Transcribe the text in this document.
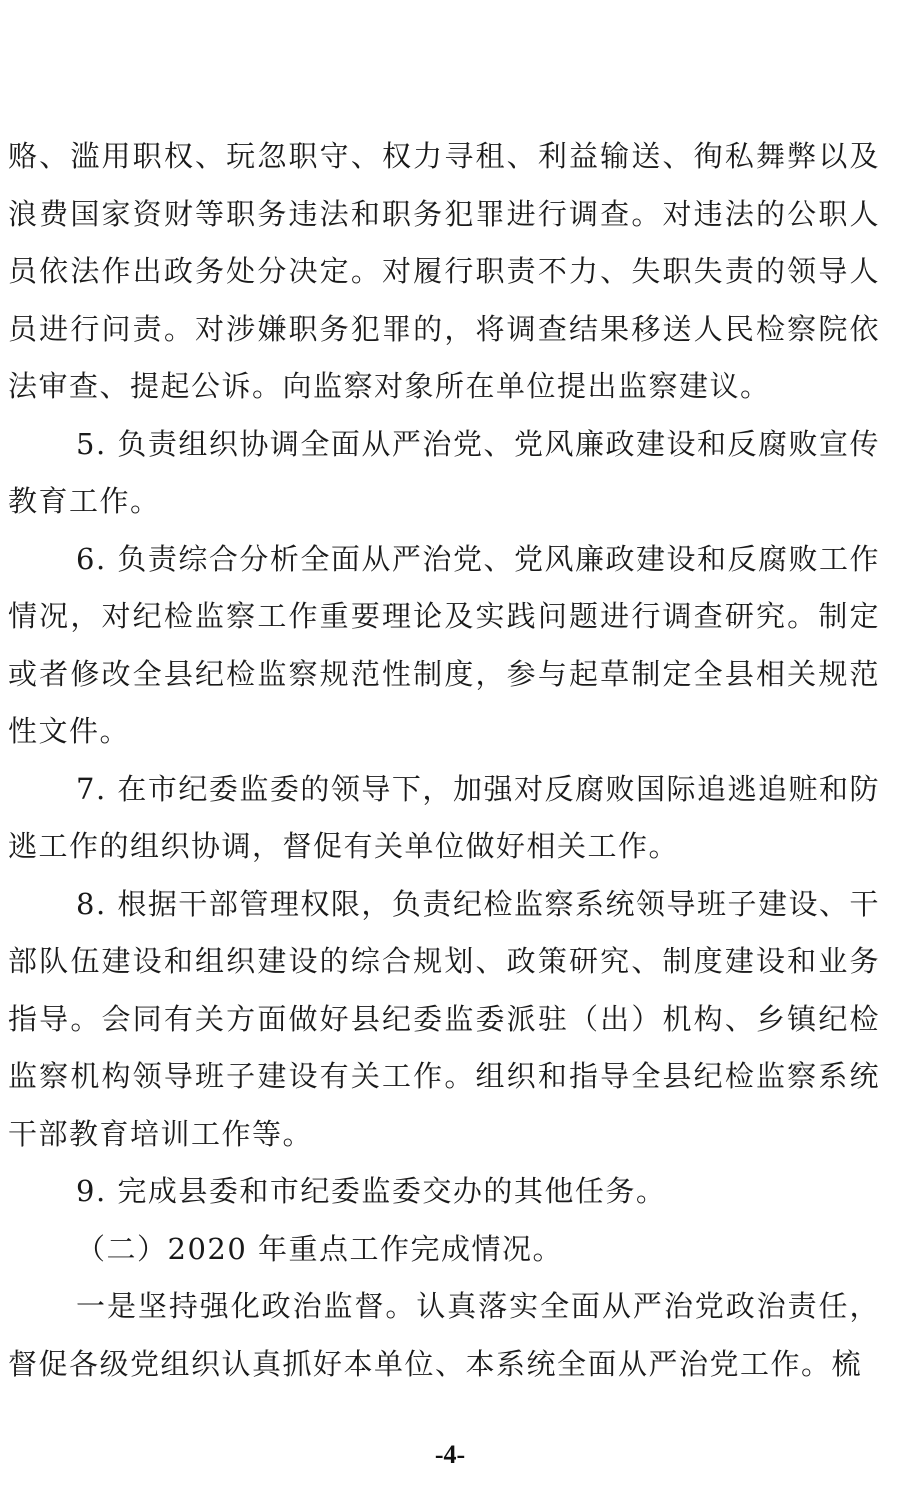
赂、滥用职权、玩忽职守、权力寻租、利益输送、徇私舞弊以及浪费国家资财等职务违法和职务犯罪进行调查。对违法的公职人员依法作出政务处分决定。对履行职责不力、失职失责的领导人员进行问责。对涉嫌职务犯罪的，将调查结果移送人民检察院依法审查、提起公诉。向监察对象所在单位提出监察建议。

5. 负责组织协调全面从严治党、党风廉政建设和反腐败宣传教育工作。

6. 负责综合分析全面从严治党、党风廉政建设和反腐败工作情况，对纪检监察工作重要理论及实践问题进行调查研究。制定或者修改全县纪检监察规范性制度，参与起草制定全县相关规范性文件。

7. 在市纪委监委的领导下，加强对反腐败国际追逃追赃和防逃工作的组织协调，督促有关单位做好相关工作。

8. 根据干部管理权限，负责纪检监察系统领导班子建设、干部队伍建设和组织建设的综合规划、政策研究、制度建设和业务指导。会同有关方面做好县纪委监委派驻（出）机构、乡镇纪检监察机构领导班子建设有关工作。组织和指导全县纪检监察系统干部教育培训工作等。

9. 完成县委和市纪委监委交办的其他任务。

（二）2020 年重点工作完成情况。

一是坚持强化政治监督。认真落实全面从严治党政治责任，督促各级党组织认真抓好本单位、本系统全面从严治党工作。梳

-4-
